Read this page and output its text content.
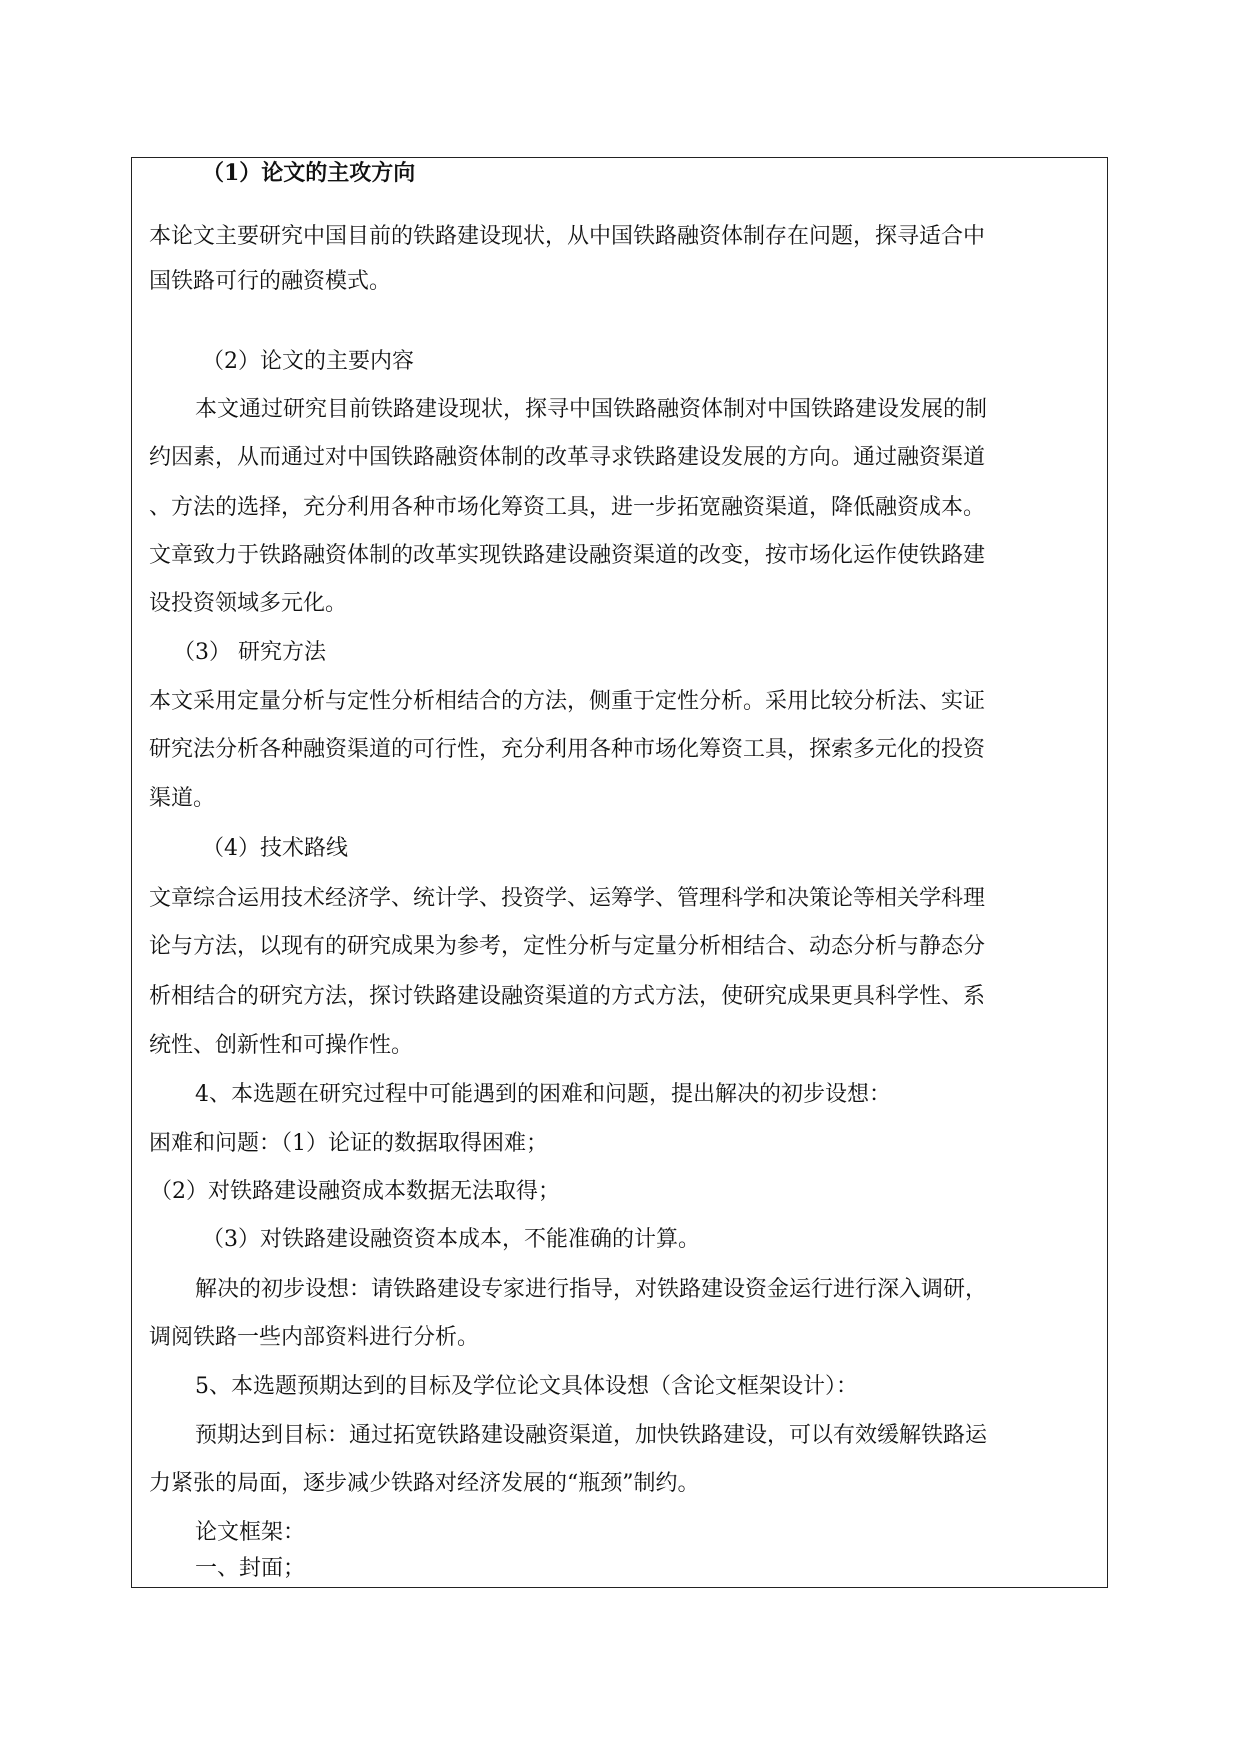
（1）论文的主攻方向
本论文主要研究中国目前的铁路建设现状，从中国铁路融资体制存在问题，探寻适合中
国铁路可行的融资模式。
（2）论文的主要内容
本文通过研究目前铁路建设现状，探寻中国铁路融资体制对中国铁路建设发展的制
约因素，从而通过对中国铁路融资体制的改革寻求铁路建设发展的方向。通过融资渠道
、方法的选择，充分利用各种市场化筹资工具，进一步拓宽融资渠道，降低融资成本。
文章致力于铁路融资体制的改革实现铁路建设融资渠道的改变，按市场化运作使铁路建
设投资领域多元化。
（3） 研究方法
本文采用定量分析与定性分析相结合的方法，侧重于定性分析。采用比较分析法、实证
研究法分析各种融资渠道的可行性，充分利用各种市场化筹资工具，探索多元化的投资
渠道。
（4）技术路线
文章综合运用技术经济学、统计学、投资学、运筹学、管理科学和决策论等相关学科理
论与方法，以现有的研究成果为参考，定性分析与定量分析相结合、动态分析与静态分
析相结合的研究方法，探讨铁路建设融资渠道的方式方法，使研究成果更具科学性、系
统性、创新性和可操作性。
4、本选题在研究过程中可能遇到的困难和问题，提出解决的初步设想：
困难和问题：（1）论证的数据取得困难；
（2）对铁路建设融资成本数据无法取得；
（3）对铁路建设融资资本成本，不能准确的计算。
解决的初步设想：请铁路建设专家进行指导，对铁路建设资金运行进行深入调研，
调阅铁路一些内部资料进行分析。
5、本选题预期达到的目标及学位论文具体设想（含论文框架设计）：
预期达到目标：通过拓宽铁路建设融资渠道，加快铁路建设，可以有效缓解铁路运
力紧张的局面，逐步减少铁路对经济发展的“瓶颈”制约。
论文框架：
一、封面；
